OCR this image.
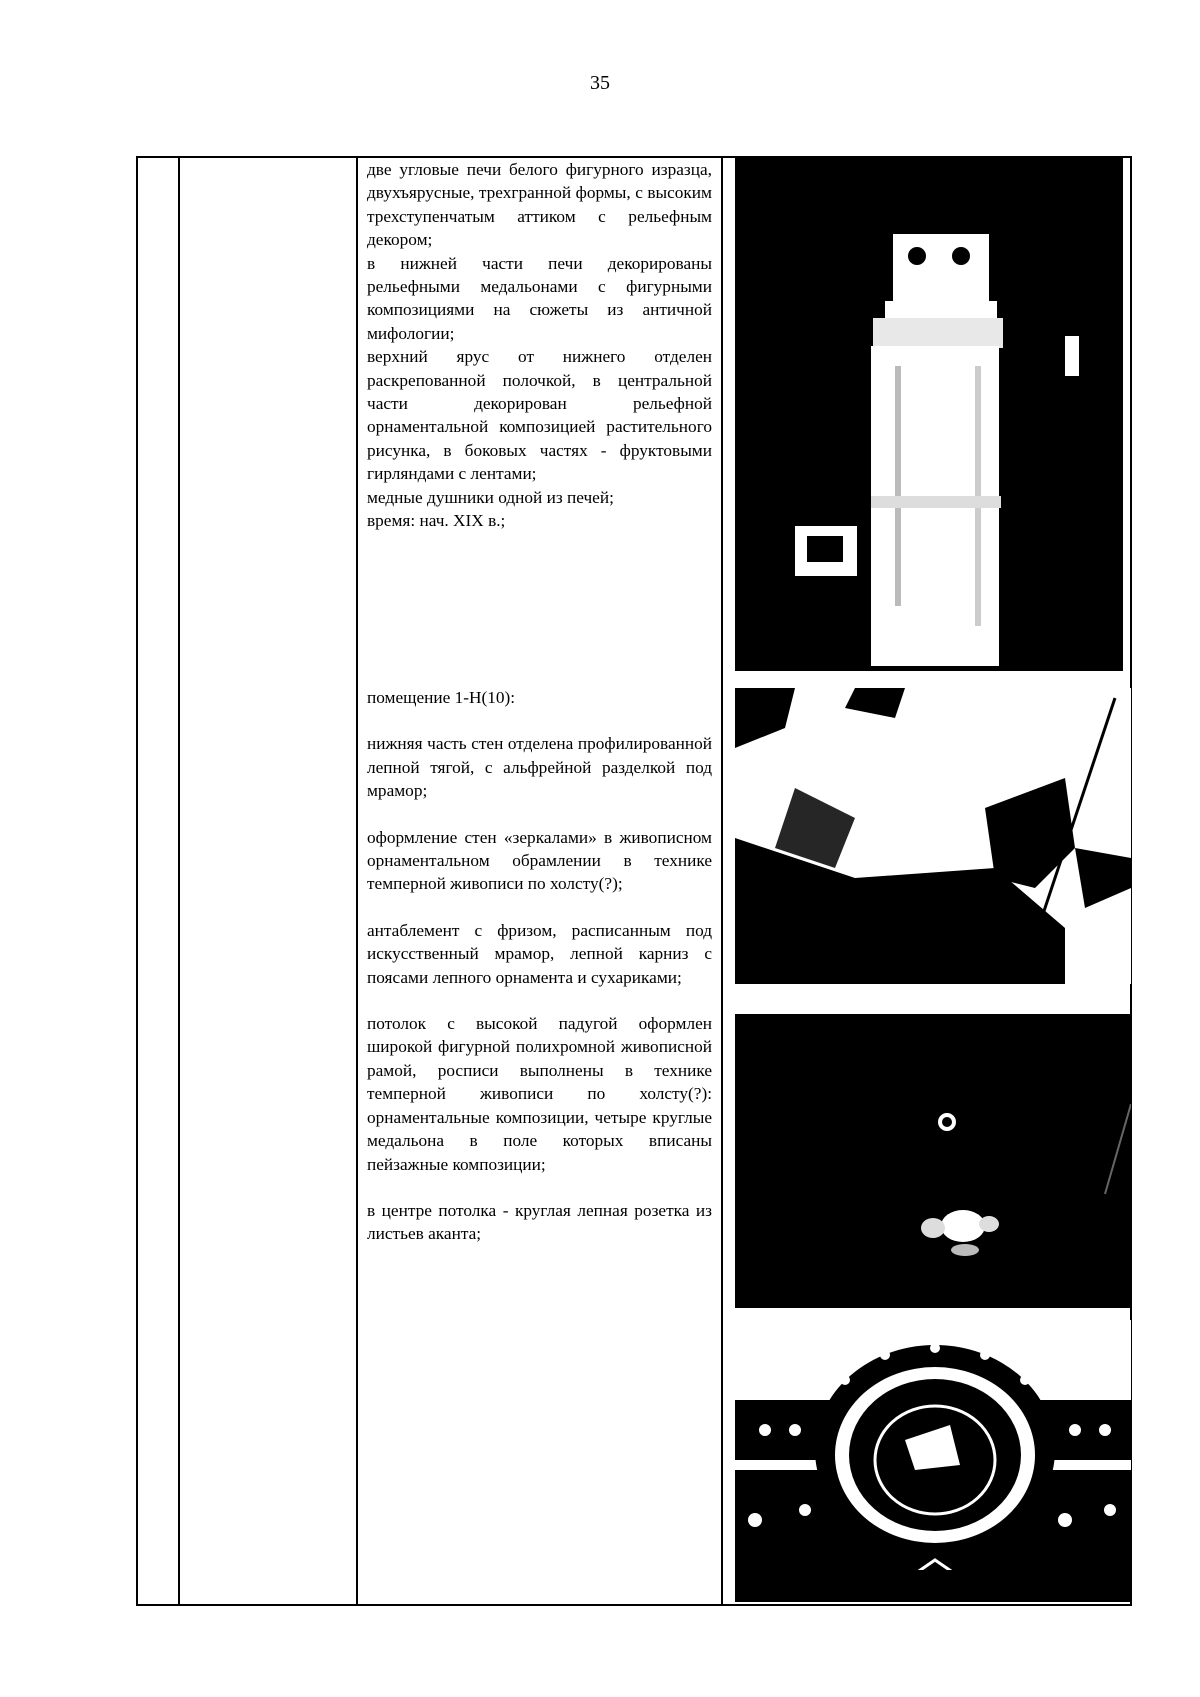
35

две угловые печи белого фигурного изразца, двухъярусные, трехгранной формы, с высоким трехступенчатым аттиком с рельефным декором;

в нижней части печи декорированы рельефными медальонами с фигурными композициями на сюжеты из античной мифологии;

верхний ярус от нижнего отделен раскрепованной полочкой, в центральной части декорирован рельефной орнаментальной композицией растительного рисунка, в боковых частях - фруктовыми гирляндами с лентами;

медные душники одной из печей;

время: нач. XIX в.;

помещение 1-Н(10):

нижняя часть стен отделена профилированной лепной тягой, с альфрейной разделкой под мрамор;

оформление стен «зеркалами» в живописном орнаментальном обрамлении в технике темперной живописи по холсту(?);

антаблемент с фризом, расписанным под искусственный мрамор, лепной карниз с поясами лепного орнамента и сухариками;

потолок с высокой падугой оформлен широкой фигурной полихромной живописной рамой, росписи выполнены в технике темперной живописи по холсту(?): орнаментальные композиции, четыре круглые медальона в поле которых вписаны пейзажные композиции;

в центре потолка - круглая лепная розетка из листьев аканта;
